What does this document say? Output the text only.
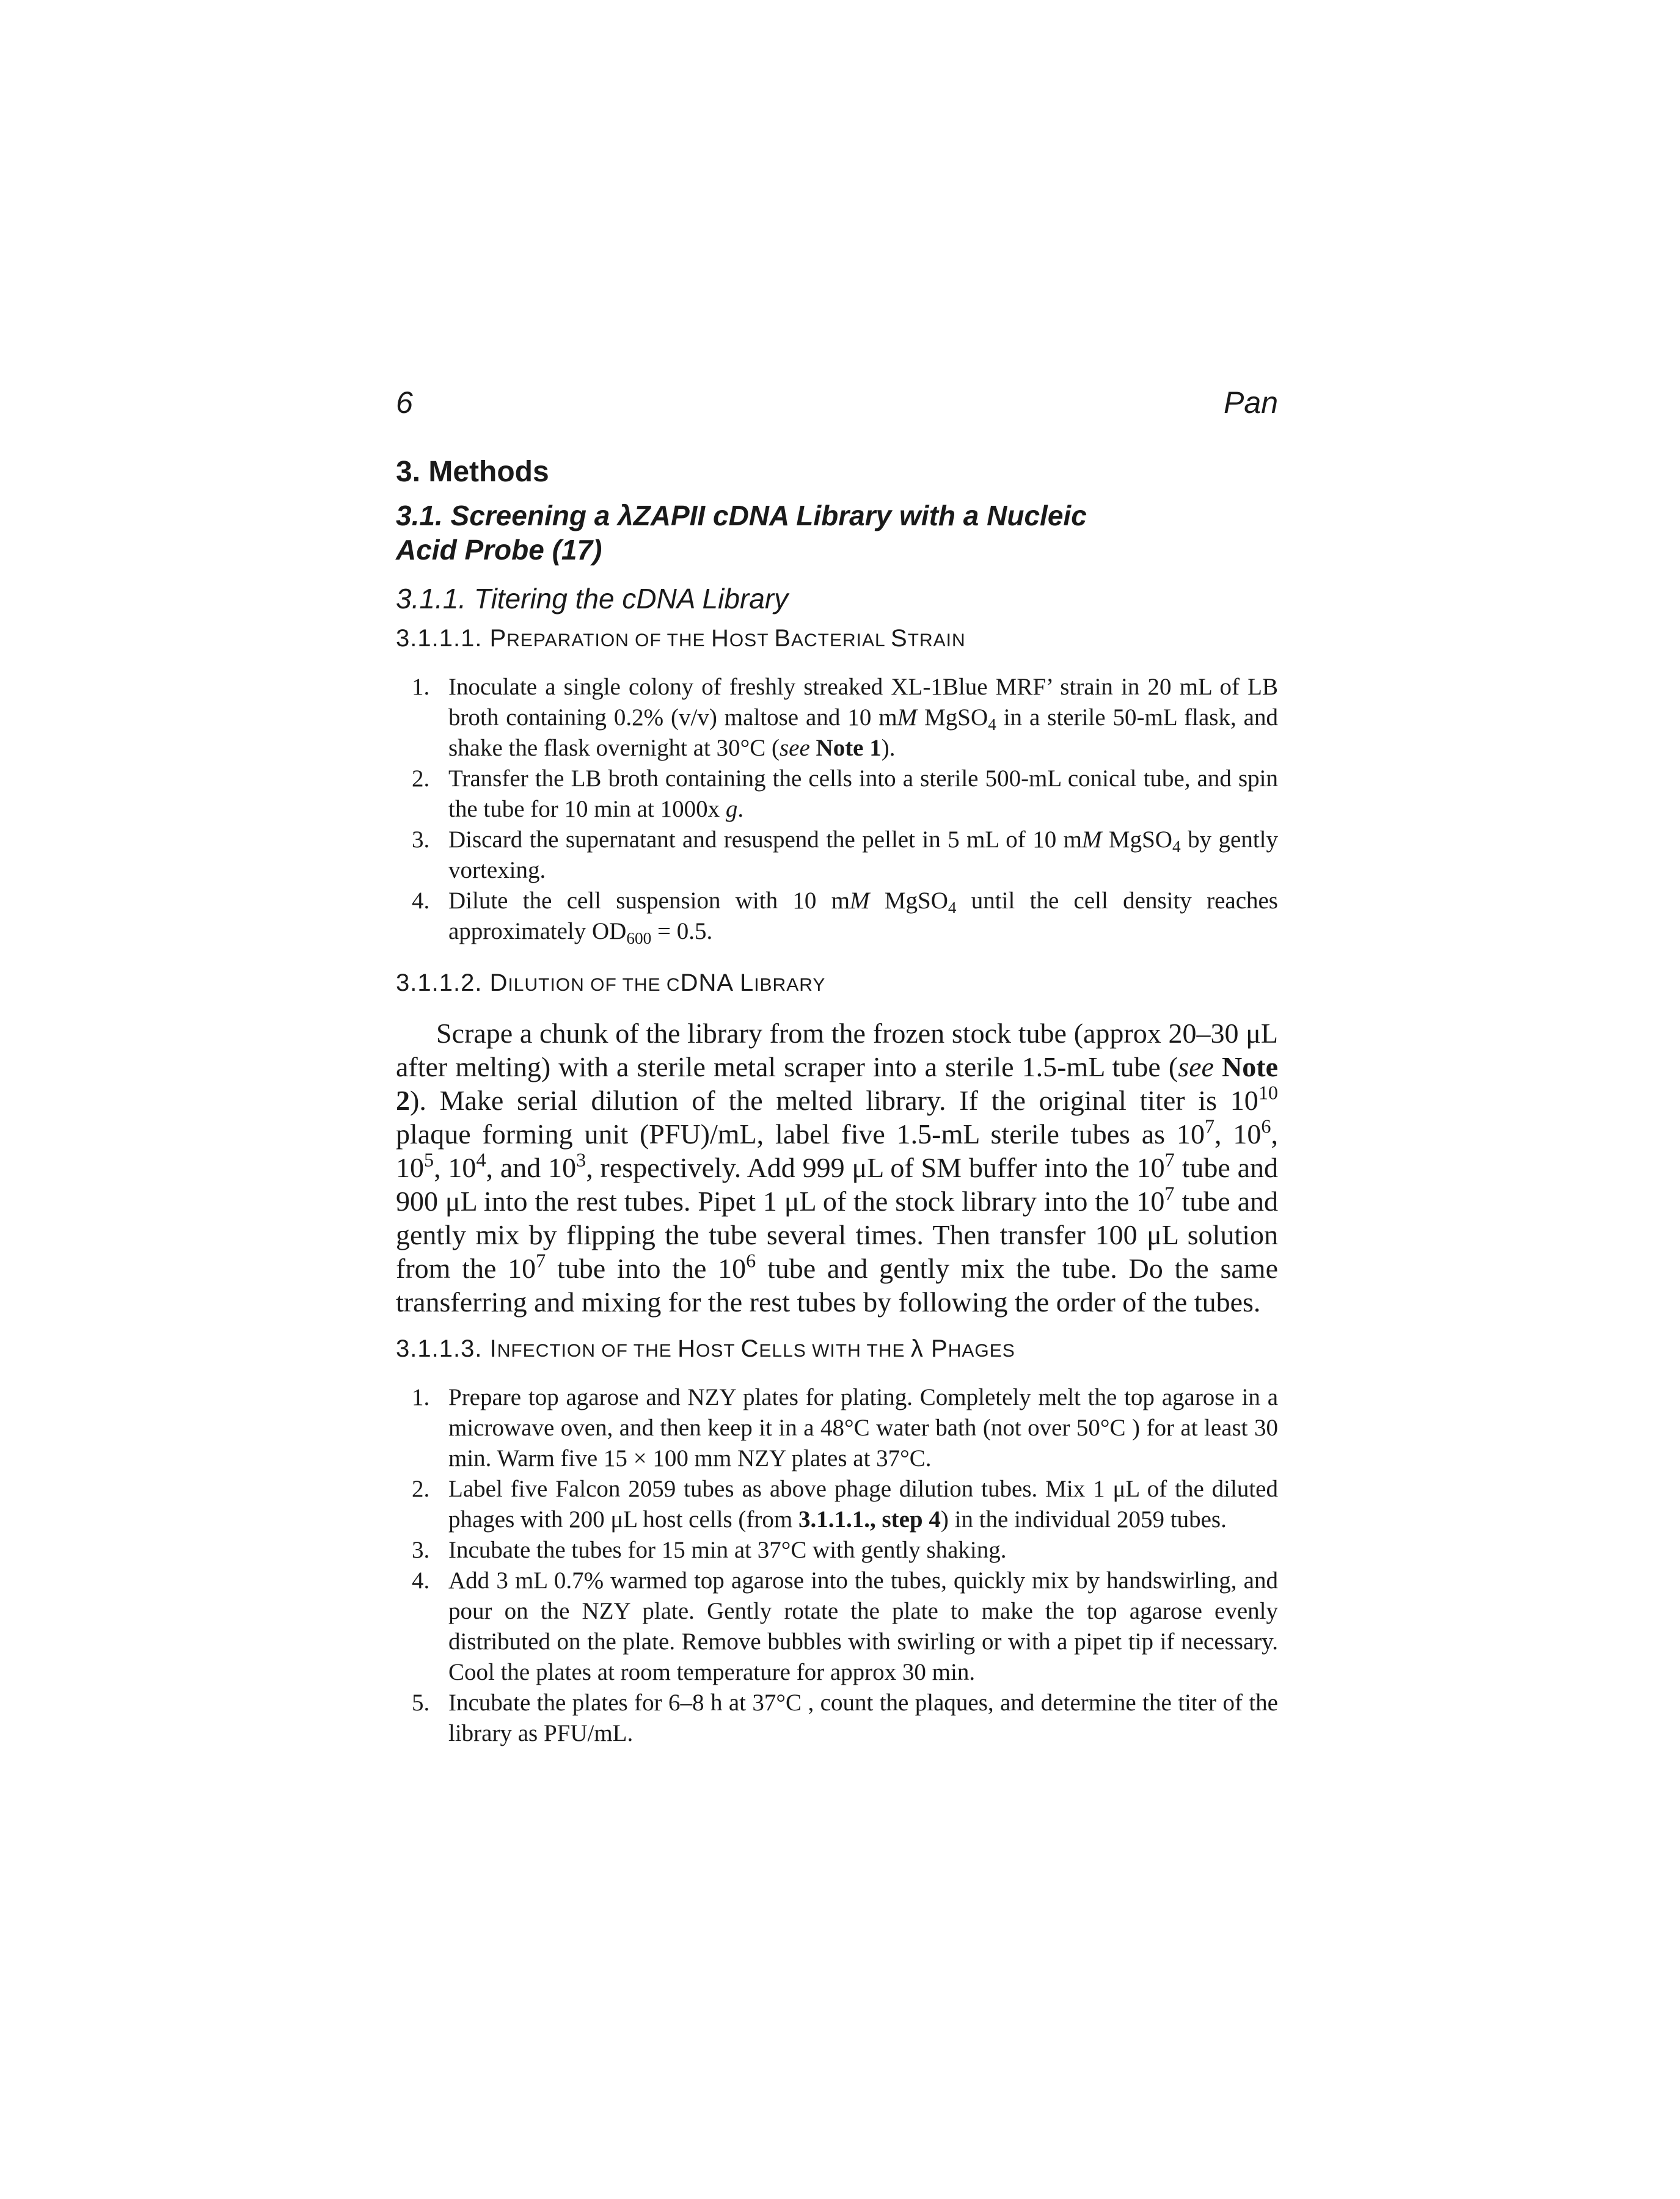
6	Pan
3. Methods
3.1. Screening a λZAPII cDNA Library with a Nucleic
Acid Probe (17)
3.1.1. Titering the cDNA Library
3.1.1.1. PREPARATION OF THE HOST BACTERIAL STRAIN
1. Inoculate a single colony of freshly streaked XL-1Blue MRF’ strain in 20 mL of LB broth containing 0.2% (v/v) maltose and 10 mM MgSO$_4$ in a sterile 50-mL flask, and shake the flask overnight at 30°C (see Note 1).
2. Transfer the LB broth containing the cells into a sterile 500-mL conical tube, and spin the tube for 10 min at 1000x g.
3. Discard the supernatant and resuspend the pellet in 5 mL of 10 mM MgSO$_4$ by gently vortexing.
4. Dilute the cell suspension with 10 mM MgSO$_4$ until the cell density reaches approximately $OD_{600} = 0.5$.
3.1.1.2. DILUTION OF THE CDNA LIBRARY

Scrape a chunk of the library from the frozen stock tube (approx 20–30 μL after melting) with a sterile metal scraper into a sterile 1.5-mL tube (see Note 2). Make serial dilution of the melted library. If the original titer is $10^{10}$ plaque forming unit (PFU)/mL, label five 1.5-mL sterile tubes as $10^7$, $10^6$, $10^5$, $10^4$, and $10^3$, respectively. Add 999 μL of SM buffer into the $10^7$ tube and 900 μL into the rest tubes. Pipet 1 μL of the stock library into the $10^7$ tube and gently mix by flipping the tube several times. Then transfer 100 μL solution from the $10^7$ tube into the $10^6$ tube and gently mix the tube. Do the same transferring and mixing for the rest tubes by following the order of the tubes.

3.1.1.3. INFECTION OF THE HOST CELLS WITH THE λ PHAGES
1. Prepare top agarose and NZY plates for plating. Completely melt the top agarose in a microwave oven, and then keep it in a 48°C water bath (not over 50°C ) for at least 30 min. Warm five 15 × 100 mm NZY plates at 37°C.
2. Label five Falcon 2059 tubes as above phage dilution tubes. Mix 1 μL of the diluted phages with 200 μL host cells (from 3.1.1.1., step 4) in the individual 2059 tubes.
3. Incubate the tubes for 15 min at 37°C with gently shaking.
4. Add 3 mL 0.7% warmed top agarose into the tubes, quickly mix by handswirling, and pour on the NZY plate. Gently rotate the plate to make the top agarose evenly distributed on the plate. Remove bubbles with swirling or with a pipet tip if necessary. Cool the plates at room temperature for approx 30 min.
5. Incubate the plates for 6–8 h at 37°C , count the plaques, and determine the titer of the library as PFU/mL.
